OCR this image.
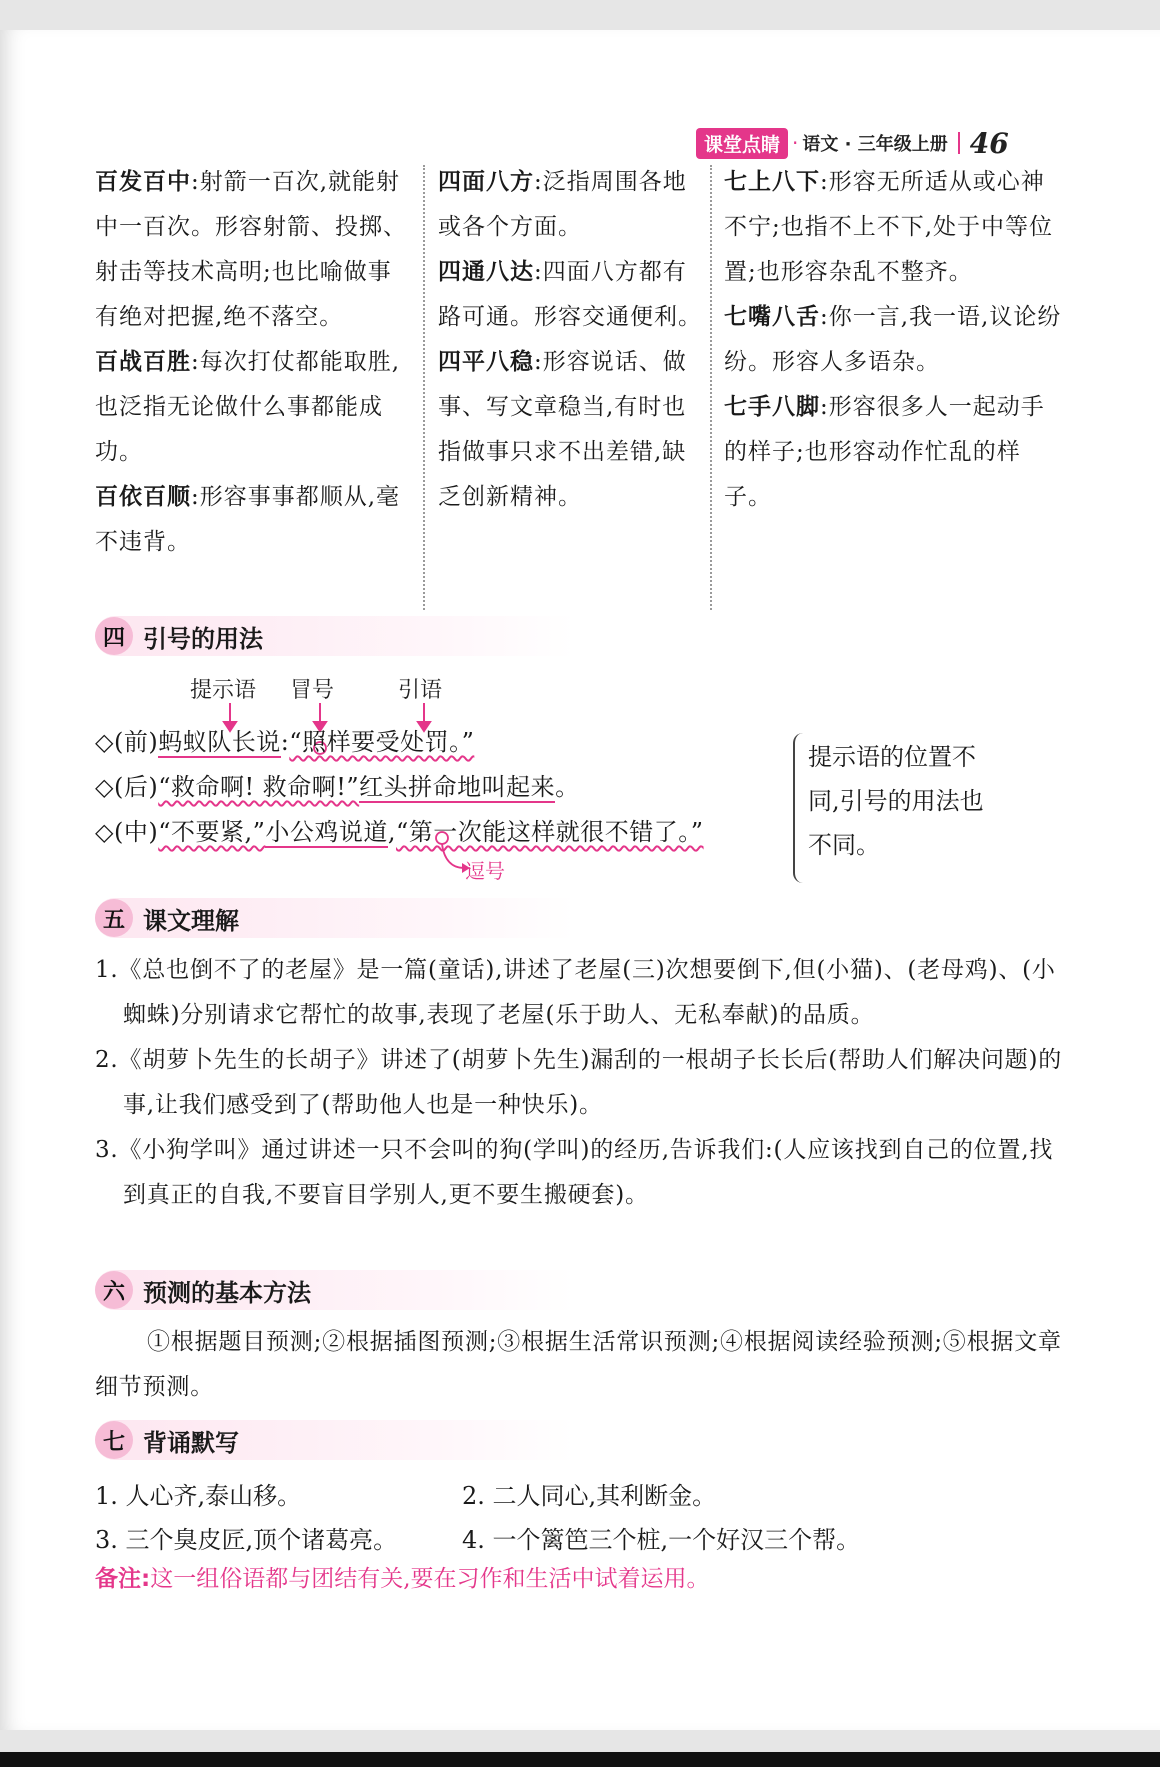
课堂点睛 · 语文 · 三年级上册 46
百发百中:射箭一百次,就能射中一百次。形容射箭、投掷、射击等技术高明;也比喻做事有绝对把握,绝不落空。
百战百胜:每次打仗都能取胜,也泛指无论做什么事都能成功。
百依百顺:形容事事都顺从,毫不违背。
四面八方:泛指周围各地或各个方面。
四通八达:四面八方都有路可通。形容交通便利。
四平八稳:形容说话、做事、写文章稳当,有时也指做事只求不出差错,缺乏创新精神。
七上八下:形容无所适从或心神不宁;也指不上不下,处于中等位置;也形容杂乱不整齐。
七嘴八舌:你一言,我一语,议论纷纷。形容人多语杂。
七手八脚:形容很多人一起动手的样子;也形容动作忙乱的样子。
四 引号的用法
提示语 冒号	引语
◇(前)蚂蚁队长说:“照样要受处罚。”
◇(后)“救命啊! 救命啊!”红头拼命地叫起来。
◇(中)“不要紧,”小公鸡说道,“第一次能这样就很不错了。”
逗号
提示语的位置不同,引号的用法也不同。
五 课文理解
1.《总也倒不了的老屋》是一篇(童话),讲述了老屋(三)次想要倒下,但(小猫)、(老母鸡)、(小蜘蛛)分别请求它帮忙的故事,表现了老屋(乐于助人、无私奉献)的品质。
2.《胡萝卜先生的长胡子》讲述了(胡萝卜先生)漏刮的一根胡子长长后(帮助人们解决问题)的事,让我们感受到了(帮助他人也是一种快乐)。
3.《小狗学叫》通过讲述一只不会叫的狗(学叫)的经历,告诉我们:(人应该找到自己的位置,找到真正的自我,不要盲目学别人,更不要生搬硬套)。
六 预测的基本方法
①根据题目预测;②根据插图预测;③根据生活常识预测;④根据阅读经验预测;⑤根据文章细节预测。
七 背诵默写
1. 人心齐,泰山移。	2. 二人同心,其利断金。
3. 三个臭皮匠,顶个诸葛亮。	4. 一个篱笆三个桩,一个好汉三个帮。
备注:这一组俗语都与团结有关,要在习作和生活中试着运用。
